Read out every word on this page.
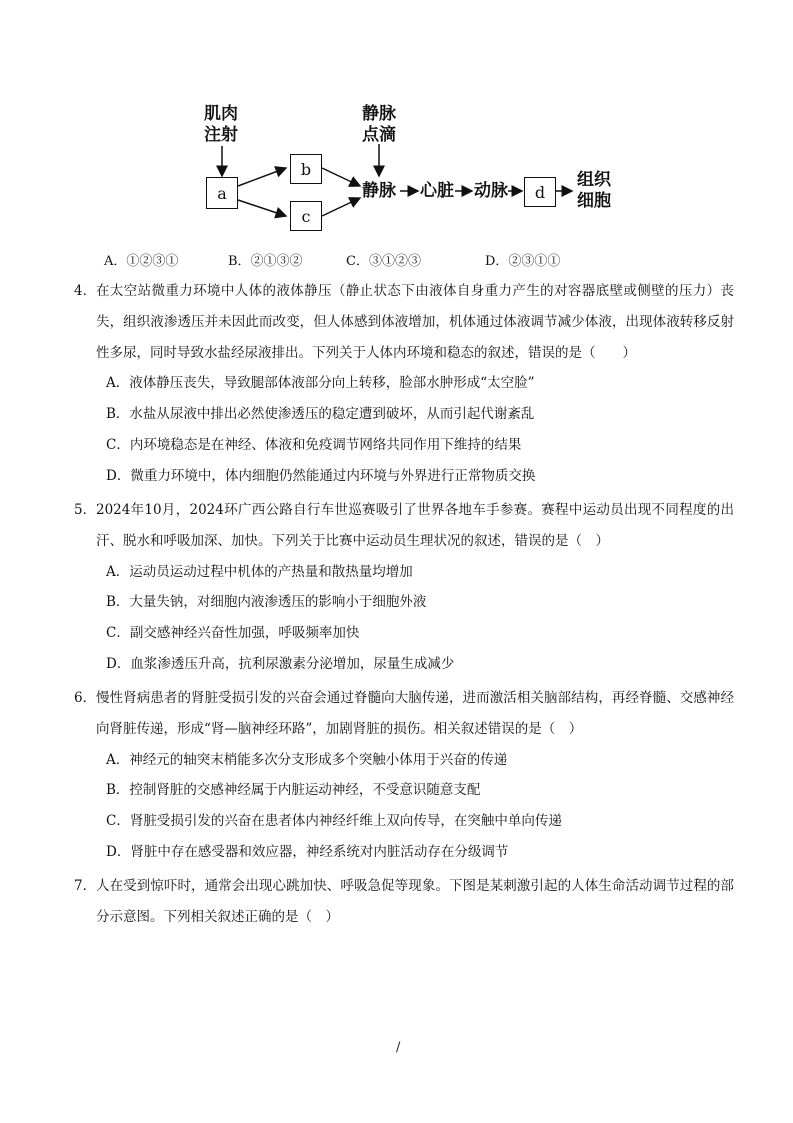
肌肉
注射
静脉
点滴
a
b
c
d
静脉 心脏 动脉
组织
细胞
A．①②③①	B．②①③②	C．③①②③	D．②③①①
4． 在太空站微重力环境中人体的液体静压（静止状态下由液体自身重力产生的对容器底壁或侧壁的压力）丧失，组织液渗透压并未因此而改变，但人体感到体液增加，机体通过体液调节减少体液，出现体液转移反射性多尿，同时导致水盐经尿液排出。下列关于人体内环境和稳态的叙述，错误的是（　　）
A．液体静压丧失，导致腿部体液部分向上转移，脸部水肿形成“太空脸”
B．水盐从尿液中排出必然使渗透压的稳定遭到破坏，从而引起代谢紊乱
C．内环境稳态是在神经、体液和免疫调节网络共同作用下维持的结果
D．微重力环境中，体内细胞仍然能通过内环境与外界进行正常物质交换
5． 2024年10月，2024环广西公路自行车世巡赛吸引了世界各地车手参赛。赛程中运动员出现不同程度的出汗、脱水和呼吸加深、加快。下列关于比赛中运动员生理状况的叙述，错误的是（　）
A．运动员运动过程中机体的产热量和散热量均增加
B．大量失钠，对细胞内液渗透压的影响小于细胞外液
C．副交感神经兴奋性加强，呼吸频率加快
D．血浆渗透压升高，抗利尿激素分泌增加，尿量生成减少
6． 慢性肾病患者的肾脏受损引发的兴奋会通过脊髓向大脑传递，进而激活相关脑部结构，再经脊髓、交感神经向肾脏传递，形成“肾—脑神经环路”，加剧肾脏的损伤。相关叙述错误的是（　）
A．神经元的轴突末梢能多次分支形成多个突触小体用于兴奋的传递
B．控制肾脏的交感神经属于内脏运动神经，不受意识随意支配
C．肾脏受损引发的兴奋在患者体内神经纤维上双向传导，在突触中单向传递
D．肾脏中存在感受器和效应器，神经系统对内脏活动存在分级调节
7． 人在受到惊吓时，通常会出现心跳加快、呼吸急促等现象。下图是某刺激引起的人体生命活动调节过程的部分示意图。下列相关叙述正确的是（　）
/
